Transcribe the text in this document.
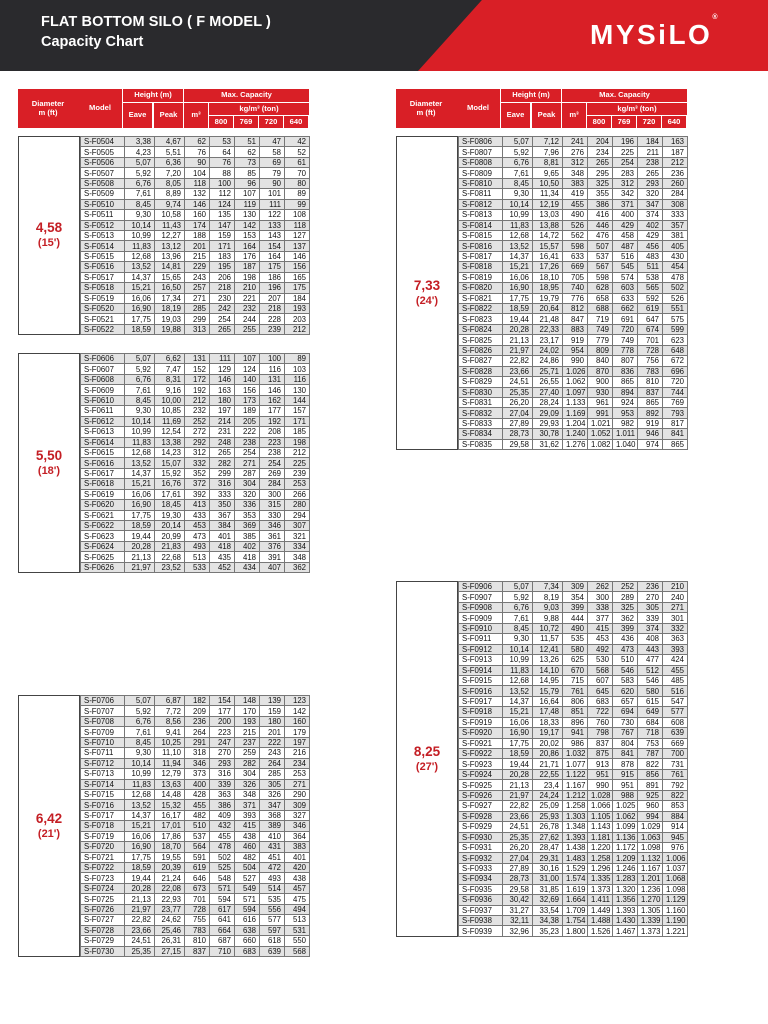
FLAT BOTTOM SILO ( F MODEL )
Capacity Chart	MYSiLO®
Diameter
m (ft)	Model
Height (m)
Eave	Peak	m³
Max. Capacity
kg/m³ (ton)
800	769	720	640
4,58
(15')
S-F0504	3,38	4,67	62	53	51	47	42
S-F0505	4,23	5,51	76	64	62	58	52
S-F0506	5,07	6,36	90	76	73	69	61
S-F0507	5,92	7,20	104	88	85	79	70
S-F0508	6,76	8,05	118	100	96	90	80
S-F0509	7,61	8,89	132	112	107	101	89
S-F0510	8,45	9,74	146	124	119	111	99
S-F0511	9,30	10,58	160	135	130	122	108
S-F0512	10,14	11,43	174	147	142	133	118
S-F0513	10,99	12,27	188	159	153	143	127
S-F0514	11,83	13,12	201	171	164	154	137
S-F0515	12,68	13,96	215	183	176	164	146
S-F0516	13,52	14,81	229	195	187	175	156
S-F0517	14,37	15,65	243	206	198	186	165
S-F0518	15,21	16,50	257	218	210	196	175
S-F0519	16,06	17,34	271	230	221	207	184
S-F0520	16,90	18,19	285	242	232	218	193
S-F0521	17,75	19,03	299	254	244	228	203
S-F0522	18,59	19,88	313	265	255	239	212
5,50
(18')
S-F0606	5,07	6,62	131	111	107	100	89
S-F0607	5,92	7,47	152	129	124	116	103
S-F0608	6,76	8,31	172	146	140	131	116
S-F0609	7,61	9,16	192	163	156	146	130
S-F0610	8,45	10,00	212	180	173	162	144
S-F0611	9,30	10,85	232	197	189	177	157
S-F0612	10,14	11,69	252	214	205	192	171
S-F0613	10,99	12,54	272	231	222	208	185
S-F0614	11,83	13,38	292	248	238	223	198
S-F0615	12,68	14,23	312	265	254	238	212
S-F0616	13,52	15,07	332	282	271	254	225
S-F0617	14,37	15,92	352	299	287	269	239
S-F0618	15,21	16,76	372	316	304	284	253
S-F0619	16,06	17,61	392	333	320	300	266
S-F0620	16,90	18,45	413	350	336	315	280
S-F0621	17,75	19,30	433	367	353	330	294
S-F0622	18,59	20,14	453	384	369	346	307
S-F0623	19,44	20,99	473	401	385	361	321
S-F0624	20,28	21,83	493	418	402	376	334
S-F0625	21,13	22,68	513	435	418	391	348
S-F0626	21,97	23,52	533	452	434	407	362
6,42
(21')
S-F0706	5,07	6,87	182	154	148	139	123
S-F0707	5,92	7,72	209	177	170	159	142
S-F0708	6,76	8,56	236	200	193	180	160
S-F0709	7,61	9,41	264	223	215	201	179
S-F0710	8,45	10,25	291	247	237	222	197
S-F0711	9,30	11,10	318	270	259	243	216
S-F0712	10,14	11,94	346	293	282	264	234
S-F0713	10,99	12,79	373	316	304	285	253
S-F0714	11,83	13,63	400	339	326	305	271
S-F0715	12,68	14,48	428	363	348	326	290
S-F0716	13,52	15,32	455	386	371	347	309
S-F0717	14,37	16,17	482	409	393	368	327
S-F0718	15,21	17,01	510	432	415	389	346
S-F0719	16,06	17,86	537	455	438	410	364
S-F0720	16,90	18,70	564	478	460	431	383
S-F0721	17,75	19,55	591	502	482	451	401
S-F0722	18,59	20,39	619	525	504	472	420
S-F0723	19,44	21,24	646	548	527	493	438
S-F0724	20,28	22,08	673	571	549	514	457
S-F0725	21,13	22,93	701	594	571	535	475
S-F0726	21,97	23,77	728	617	594	556	494
S-F0727	22,82	24,62	755	641	616	577	513
S-F0728	23,66	25,46	783	664	638	597	531
S-F0729	24,51	26,31	810	687	660	618	550
S-F0730	25,35	27,15	837	710	683	639	568
Diameter
m (ft)	Model
Height (m)
Eave	Peak	m³
Max. Capacity
kg/m³ (ton)
800	769	720	640
7,33
(24')
S-F0806	5,07	7,12	241	204	196	184	163
S-F0807	5,92	7,96	276	234	225	211	187
S-F0808	6,76	8,81	312	265	254	238	212
S-F0809	7,61	9,65	348	295	283	265	236
S-F0810	8,45	10,50	383	325	312	293	260
S-F0811	9,30	11,34	419	355	342	320	284
S-F0812	10,14	12,19	455	386	371	347	308
S-F0813	10,99	13,03	490	416	400	374	333
S-F0814	11,83	13,88	526	446	429	402	357
S-F0815	12,68	14,72	562	476	458	429	381
S-F0816	13,52	15,57	598	507	487	456	405
S-F0817	14,37	16,41	633	537	516	483	430
S-F0818	15,21	17,26	669	567	545	511	454
S-F0819	16,06	18,10	705	598	574	538	478
S-F0820	16,90	18,95	740	628	603	565	502
S-F0821	17,75	19,79	776	658	633	592	526
S-F0822	18,59	20,64	812	688	662	619	551
S-F0823	19,44	21,48	847	719	691	647	575
S-F0824	20,28	22,33	883	749	720	674	599
S-F0825	21,13	23,17	919	779	749	701	623
S-F0826	21,97	24,02	954	809	778	728	648
S-F0827	22,82	24,86	990	840	807	756	672
S-F0828	23,66	25,71	1.026	870	836	783	696
S-F0829	24,51	26,55	1.062	900	865	810	720
S-F0830	25,35	27,40	1.097	930	894	837	744
S-F0831	26,20	28,24	1.133	961	924	865	769
S-F0832	27,04	29,09	1.169	991	953	892	793
S-F0833	27,89	29,93	1.204	1.021	982	919	817
S-F0834	28,73	30,78	1.240	1.052	1.011	946	841
S-F0835	29,58	31,62	1.276	1.082	1.040	974	865
8,25
(27')
S-F0906	5,07	7,34	309	262	252	236	210
S-F0907	5,92	8,19	354	300	289	270	240
S-F0908	6,76	9,03	399	338	325	305	271
S-F0909	7,61	9,88	444	377	362	339	301
S-F0910	8,45	10,72	490	415	399	374	332
S-F0911	9,30	11,57	535	453	436	408	363
S-F0912	10,14	12,41	580	492	473	443	393
S-F0913	10,99	13,26	625	530	510	477	424
S-F0914	11,83	14,10	670	568	546	512	455
S-F0915	12,68	14,95	715	607	583	546	485
S-F0916	13,52	15,79	761	645	620	580	516
S-F0917	14,37	16,64	806	683	657	615	547
S-F0918	15,21	17,48	851	722	694	649	577
S-F0919	16,06	18,33	896	760	730	684	608
S-F0920	16,90	19,17	941	798	767	718	639
S-F0921	17,75	20,02	986	837	804	753	669
S-F0922	18,59	20,86	1.032	875	841	787	700
S-F0923	19,44	21,71	1.077	913	878	822	731
S-F0924	20,28	22,55	1.122	951	915	856	761
S-F0925	21,13	23,4	1.167	990	951	891	792
S-F0926	21,97	24,24	1.212	1.028	988	925	822
S-F0927	22,82	25,09	1.258	1.066	1.025	960	853
S-F0928	23,66	25,93	1.303	1.105	1.062	994	884
S-F0929	24,51	26,78	1.348	1.143	1.099	1.029	914
S-F0930	25,35	27,62	1.393	1.181	1.136	1.063	945
S-F0931	26,20	28,47	1.438	1.220	1.172	1.098	976
S-F0932	27,04	29,31	1.483	1.258	1.209	1.132	1.006
S-F0933	27,89	30,16	1.529	1.296	1.246	1.167	1.037
S-F0934	28,73	31,00	1.574	1.335	1.283	1.201	1.068
S-F0935	29,58	31,85	1.619	1.373	1.320	1.236	1.098
S-F0936	30,42	32,69	1.664	1.411	1.356	1.270	1.129
S-F0937	31,27	33,54	1.709	1.449	1.393	1.305	1.160
S-F0938	32,11	34,38	1.754	1.488	1.430	1.339	1.190
S-F0939	32,96	35,23	1.800	1.526	1.467	1.373	1.221
